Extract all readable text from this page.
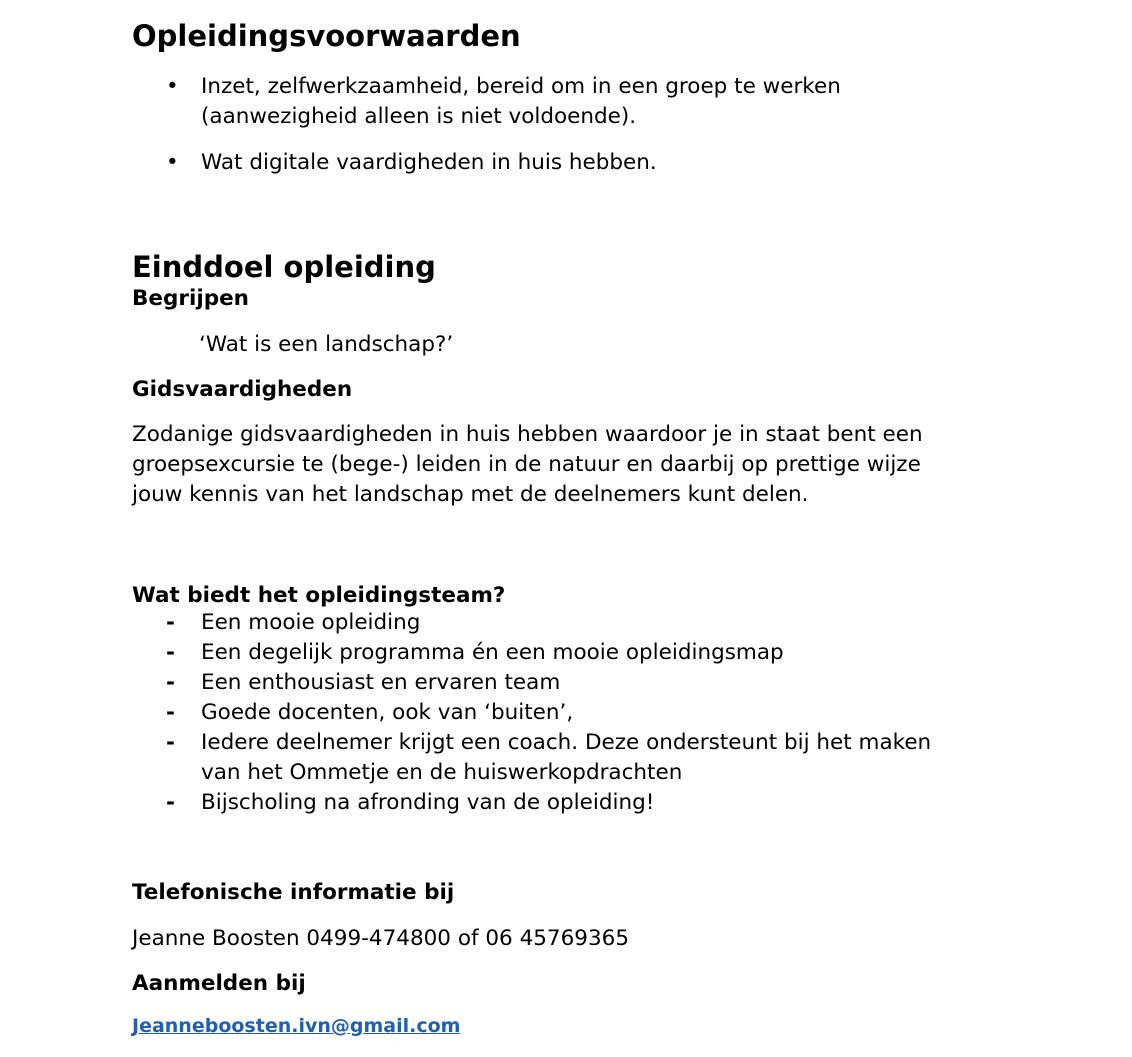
Opleidingsvoorwaarden
• Inzet, zelfwerkzaamheid, bereid om in een groep te werken
(aanwezigheid alleen is niet voldoende).
• Wat digitale vaardigheden in huis hebben.
Einddoel opleiding
Begrijpen

‘Wat is een landschap?’

Gidsvaardigheden
Zodanige gidsvaardigheden in huis hebben waardoor je in staat bent een
groepsexcursie te (bege-) leiden in de natuur en daarbij op prettige wijze
jouw kennis van het landschap met de deelnemers kunt delen.
Wat biedt het opleidingsteam?
- Een mooie opleiding
- Een degelijk programma én een mooie opleidingsmap
- Een enthousiast en ervaren team
- Goede docenten, ook van ‘buiten’,
- Iedere deelnemer krijgt een coach. Deze ondersteunt bij het maken
van het Ommetje en de huiswerkopdrachten
- Bijscholing na afronding van de opleiding!
Telefonische informatie bij

Jeanne Boosten 0499-474800 of 06 45769365

Aanmelden bij
Jeanneboosten.ivn@gmail.com
